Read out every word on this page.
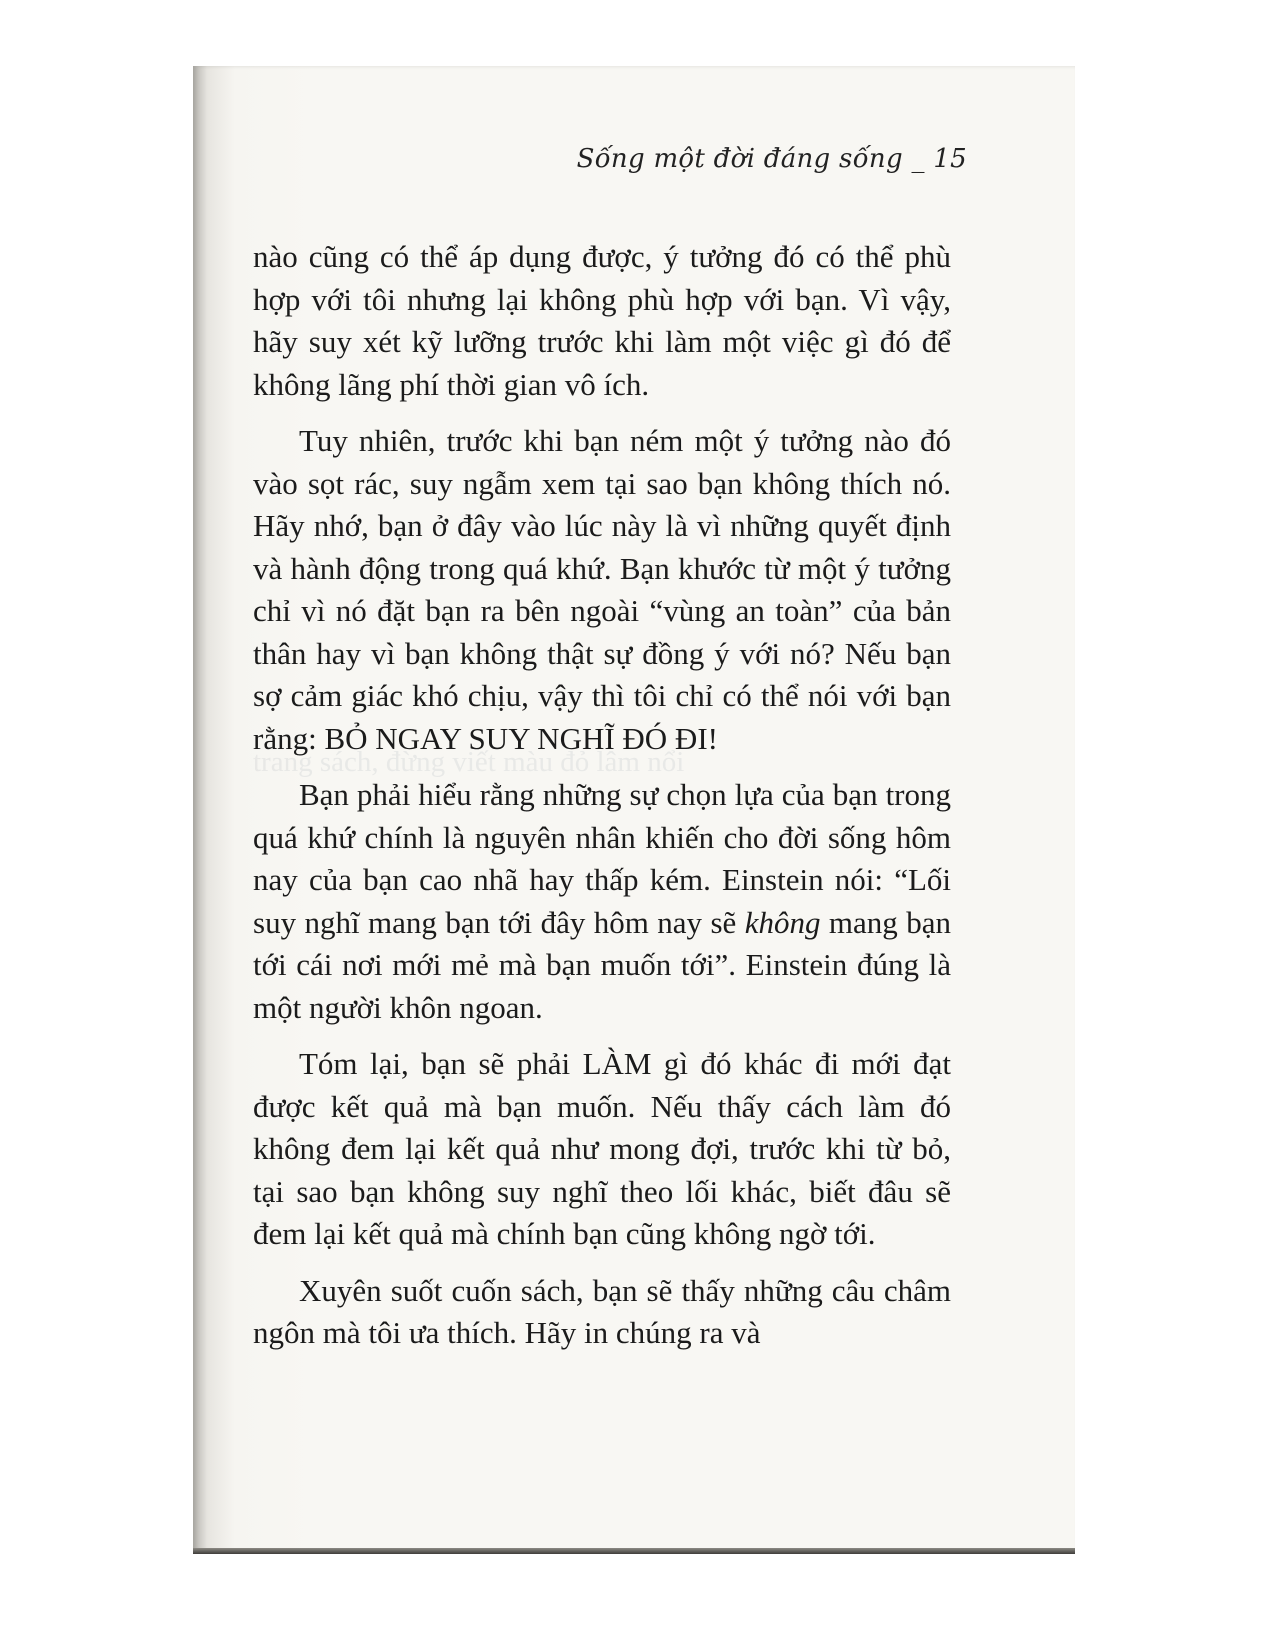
trang sách, đừng viết màu đỏ lâm nổi
Sống một đời đáng sống _ 15

nào cũng có thể áp dụng được, ý tưởng đó có thể phù hợp với tôi nhưng lại không phù hợp với bạn. Vì vậy, hãy suy xét kỹ lưỡng trước khi làm một việc gì đó để không lãng phí thời gian vô ích.

Tuy nhiên, trước khi bạn ném một ý tưởng nào đó vào sọt rác, suy ngẫm xem tại sao bạn không thích nó. Hãy nhớ, bạn ở đây vào lúc này là vì những quyết định và hành động trong quá khứ. Bạn khước từ một ý tưởng chỉ vì nó đặt bạn ra bên ngoài “vùng an toàn” của bản thân hay vì bạn không thật sự đồng ý với nó? Nếu bạn sợ cảm giác khó chịu, vậy thì tôi chỉ có thể nói với bạn rằng: BỎ NGAY SUY NGHĨ ĐÓ ĐI!

Bạn phải hiểu rằng những sự chọn lựa của bạn trong quá khứ chính là nguyên nhân khiến cho đời sống hôm nay của bạn cao nhã hay thấp kém. Einstein nói: “Lối suy nghĩ mang bạn tới đây hôm nay sẽ không mang bạn tới cái nơi mới mẻ mà bạn muốn tới”. Einstein đúng là một người khôn ngoan.

Tóm lại, bạn sẽ phải LÀM gì đó khác đi mới đạt được kết quả mà bạn muốn. Nếu thấy cách làm đó không đem lại kết quả như mong đợi, trước khi từ bỏ, tại sao bạn không suy nghĩ theo lối khác, biết đâu sẽ đem lại kết quả mà chính bạn cũng không ngờ tới.

Xuyên suốt cuốn sách, bạn sẽ thấy những câu châm ngôn mà tôi ưa thích. Hãy in chúng ra và
